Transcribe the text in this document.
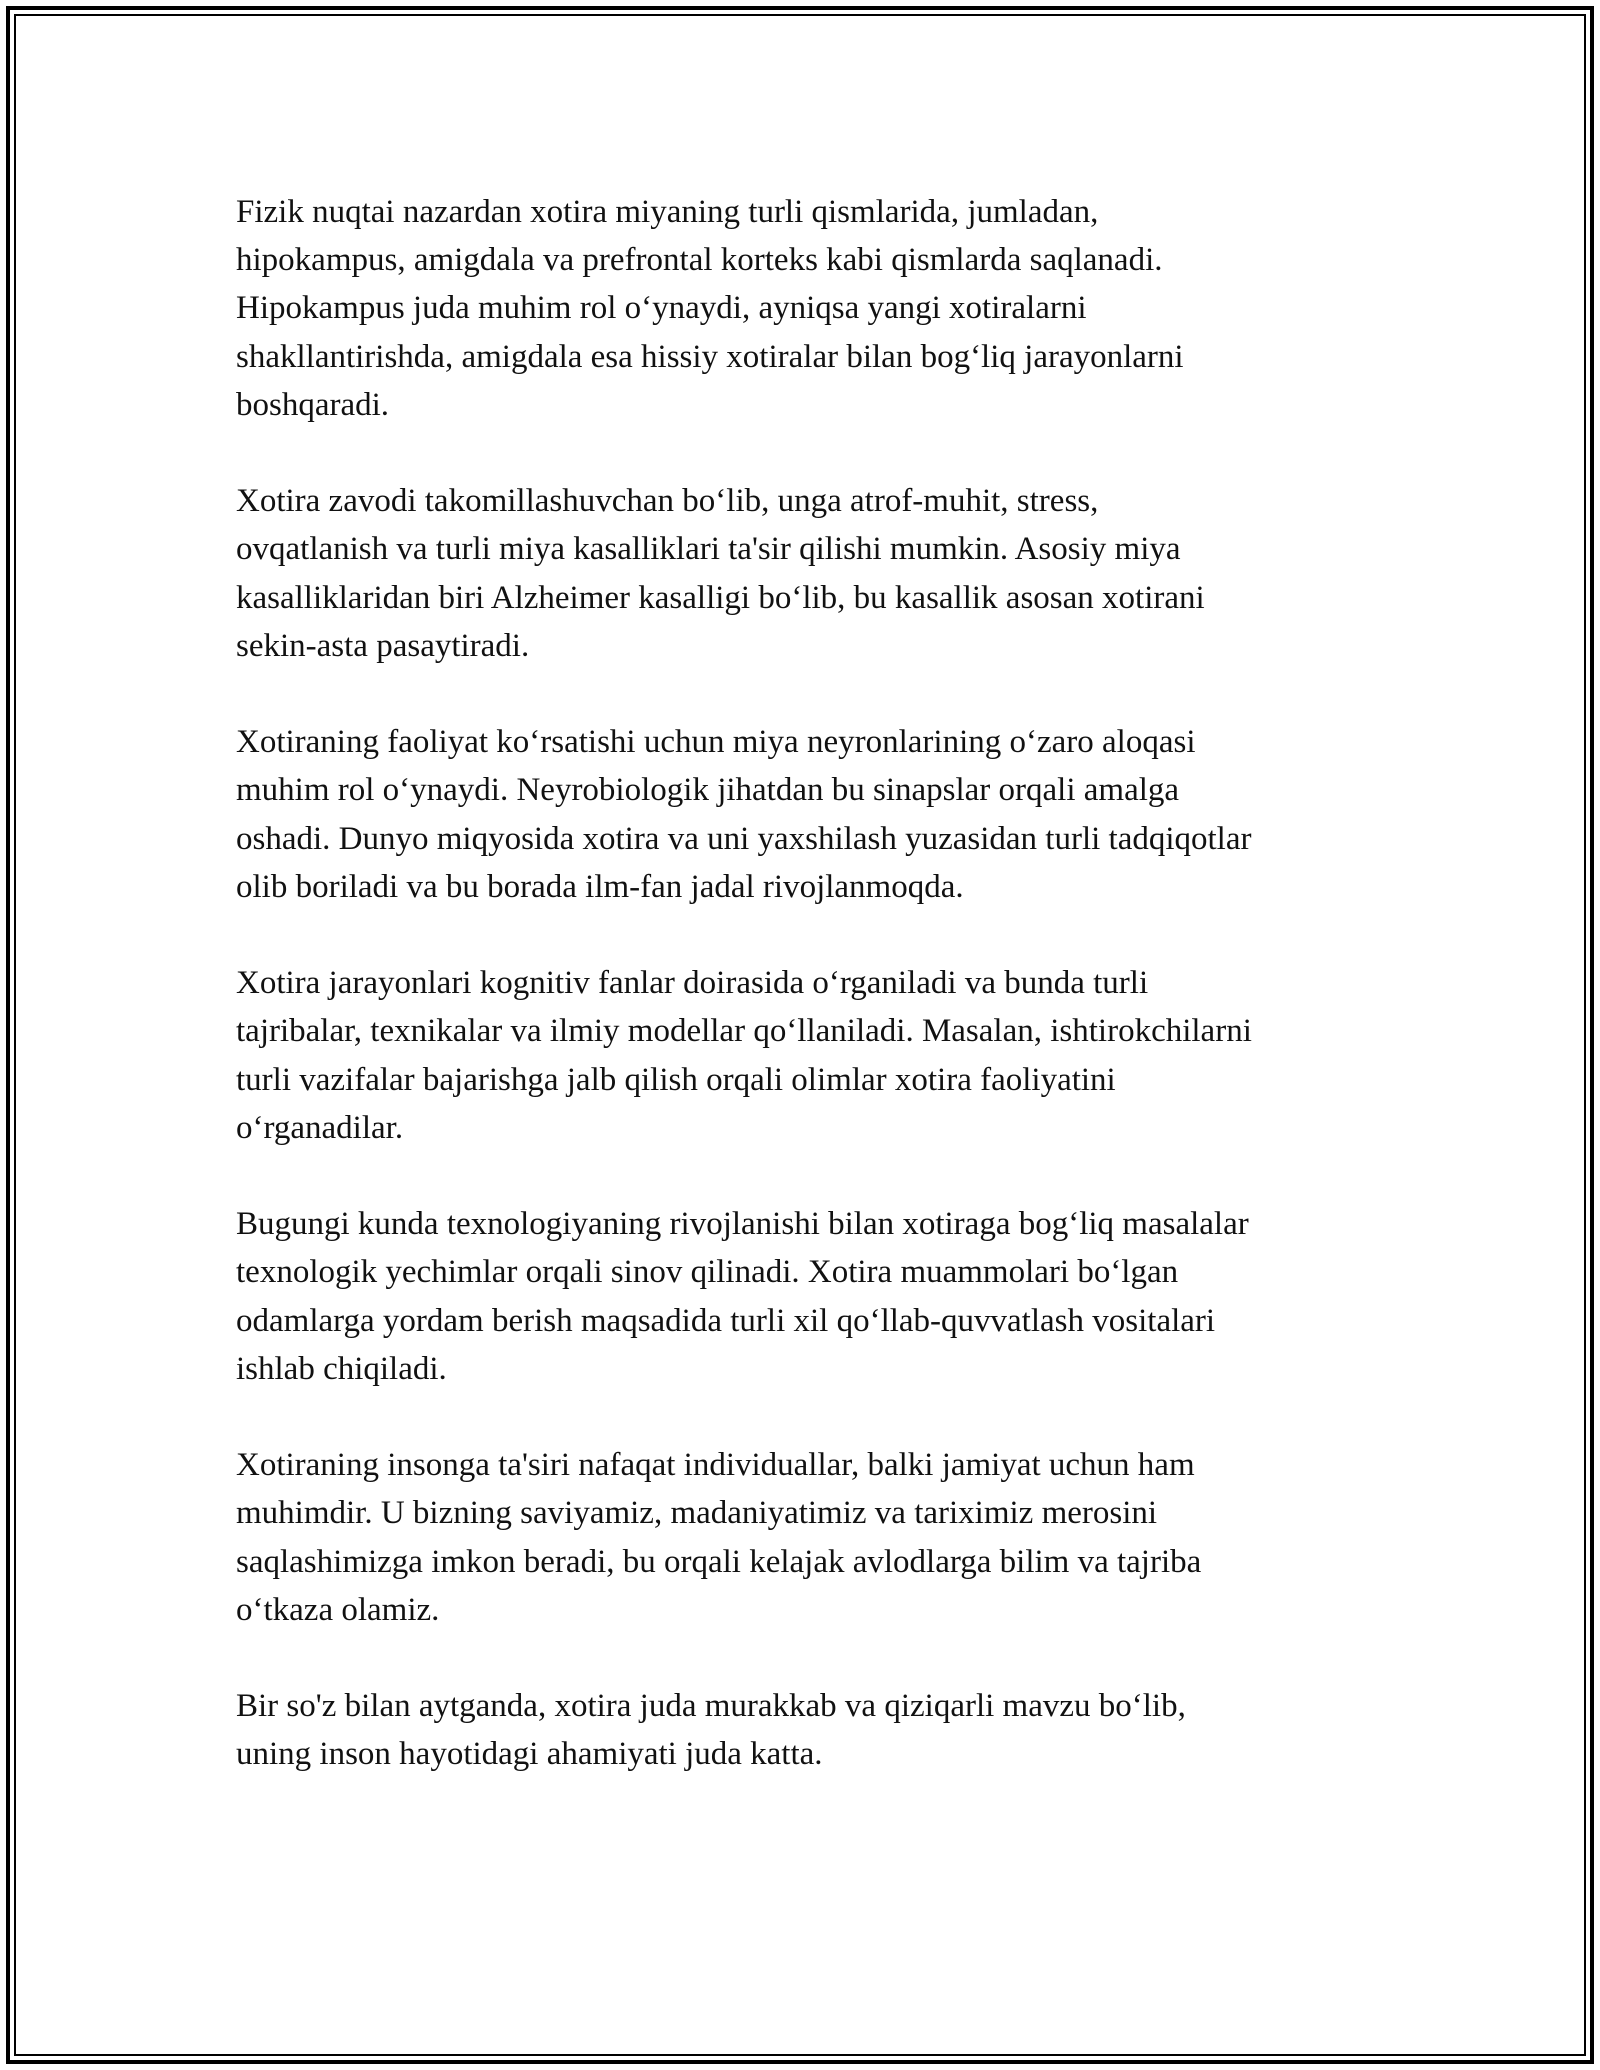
Fizik nuqtai nazardan xotira miyaning turli qismlarida, jumladan,
hipokampus, amigdala va prefrontal korteks kabi qismlarda saqlanadi.
Hipokampus juda muhim rol oʻynaydi, ayniqsa yangi xotiralarni
shakllantirishda, amigdala esa hissiy xotiralar bilan bogʻliq jarayonlarni
boshqaradi.

Xotira zavodi takomillashuvchan boʻlib, unga atrof-muhit, stress,
ovqatlanish va turli miya kasalliklari ta'sir qilishi mumkin. Asosiy miya
kasalliklaridan biri Alzheimer kasalligi boʻlib, bu kasallik asosan xotirani
sekin-asta pasaytiradi.

Xotiraning faoliyat koʻrsatishi uchun miya neyronlarining oʻzaro aloqasi
muhim rol oʻynaydi. Neyrobiologik jihatdan bu sinapslar orqali amalga
oshadi. Dunyo miqyosida xotira va uni yaxshilash yuzasidan turli tadqiqotlar
olib boriladi va bu borada ilm-fan jadal rivojlanmoqda.

Xotira jarayonlari kognitiv fanlar doirasida oʻrganiladi va bunda turli
tajribalar, texnikalar va ilmiy modellar qoʻllaniladi. Masalan, ishtirokchilarni
turli vazifalar bajarishga jalb qilish orqali olimlar xotira faoliyatini
oʻrganadilar.

Bugungi kunda texnologiyaning rivojlanishi bilan xotiraga bogʻliq masalalar
texnologik yechimlar orqali sinov qilinadi. Xotira muammolari boʻlgan
odamlarga yordam berish maqsadida turli xil qoʻllab-quvvatlash vositalari
ishlab chiqiladi.

Xotiraning insonga ta'siri nafaqat individuallar, balki jamiyat uchun ham
muhimdir. U bizning saviyamiz, madaniyatimiz va tariximiz merosini
saqlashimizga imkon beradi, bu orqali kelajak avlodlarga bilim va tajriba
oʻtkaza olamiz.

Bir so'z bilan aytganda, xotira juda murakkab va qiziqarli mavzu boʻlib,
uning inson hayotidagi ahamiyati juda katta.
